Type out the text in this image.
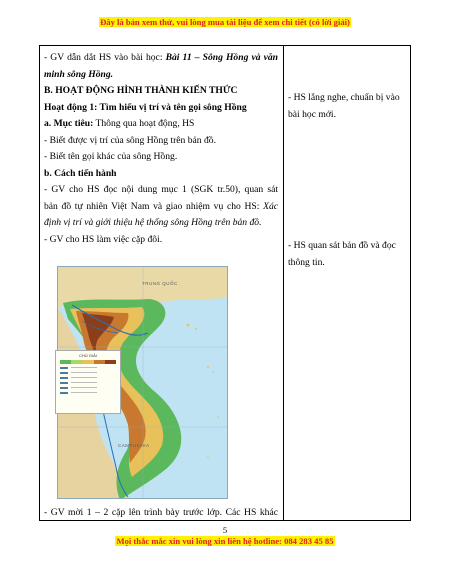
Đây là bản xem thử, vui lòng mua tài liệu để xem chi tiết (có lời giải)
- GV dẫn dắt HS vào bài học: Bài 11 – Sông Hồng và văn
minh sông Hồng.
B. HOẠT ĐỘNG HÌNH THÀNH KIẾN THỨC
Hoạt động 1: Tìm hiểu vị trí và tên gọi sông Hồng
a. Mục tiêu: Thông qua hoạt động, HS
- Biết được vị trí của sông Hồng trên bản đồ.
- Biết tên gọi khác của sông Hồng.
b. Cách tiến hành
- GV cho HS đọc nội dung mục 1 (SGK tr.50), quan sát
bản đồ tự nhiên Việt Nam và giao nhiệm vụ cho HS: Xác
định vị trí và giới thiệu hệ thống sông Hồng trên bản đồ.
- GV cho HS làm việc cặp đôi.
- HS lắng nghe, chuẩn bị vào
bài học mới.
- HS quan sát bản đồ và đọc
thông tin.
- GV mời 1 – 2 cặp lên trình bày trước lớp. Các HS khác
TRUNG QUỐC
CAMPUCHIA
CHÚ GIẢI
5
Mọi thắc mắc xin vui lòng xin liên hệ hotline: 084 283 45 85
